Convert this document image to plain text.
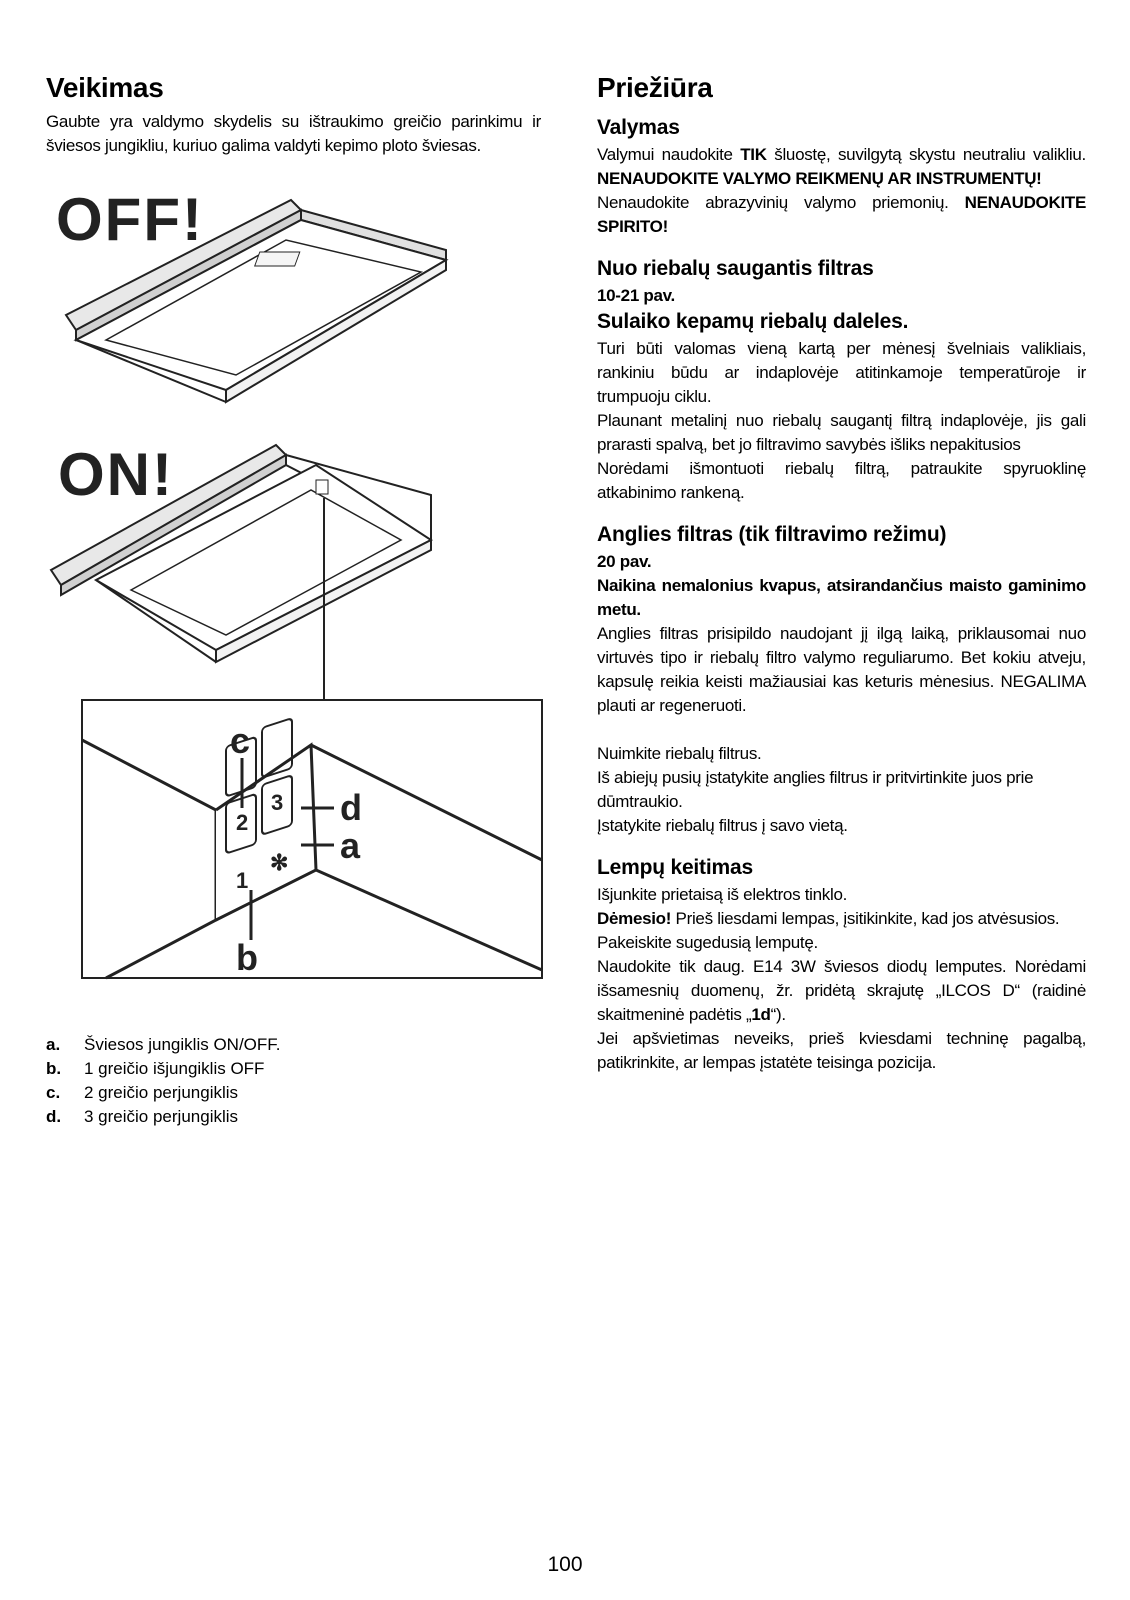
Veikimas

Gaubte yra valdymo skydelis su ištraukimo greičio parinkimu ir šviesos jungikliu, kuriuo galima valdyti kepimo ploto šviesas.

OFF!
ON!
2
3
1
✻
c
d
a
b
a.	Šviesos jungiklis ON/OFF.
b.	1 greičio išjungiklis OFF
c.	2 greičio perjungiklis
d.	3 greičio perjungiklis
Priežiūra
Valymas

Valymui naudokite TIK šluostę, suvilgytą skystu neutraliu valikliu. NENAUDOKITE VALYMO REIKMENŲ AR INSTRUMENTŲ!

Nenaudokite abrazyvinių valymo priemonių. NENAUDOKITE SPIRITO!

Nuo riebalų saugantis filtras

10-21 pav.

Sulaiko kepamų riebalų daleles.

Turi būti valomas vieną kartą per mėnesį švelniais valikliais, rankiniu būdu ar indaplovėje atitinkamoje temperatūroje ir trumpuoju ciklu.

Plaunant metalinį nuo riebalų saugantį filtrą indaplovėje, jis gali prarasti spalvą, bet jo filtravimo savybės išliks nepakitusios

Norėdami išmontuoti riebalų filtrą, patraukite spyruoklinę atkabinimo rankeną.

Anglies filtras (tik filtravimo režimu)

20 pav.

Naikina nemalonius kvapus, atsirandančius maisto gaminimo metu.

Anglies filtras prisipildo naudojant jį ilgą laiką, priklausomai nuo virtuvės tipo ir riebalų filtro valymo reguliarumo. Bet kokiu atveju, kapsulę reikia keisti mažiausiai kas keturis mėnesius. NEGALIMA plauti ar regeneruoti.

Nuimkite riebalų filtrus.

Iš abiejų pusių įstatykite anglies filtrus ir pritvirtinkite juos prie dūmtraukio.

Įstatykite riebalų filtrus į savo vietą.

Lempų keitimas

Išjunkite prietaisą iš elektros tinklo.

Dėmesio! Prieš liesdami lempas, įsitikinkite, kad jos atvėsusios.

Pakeiskite sugedusią lemputę.

Naudokite tik daug. E14 3W šviesos diodų lemputes. Norėdami išsamesnių duomenų, žr. pridėtą skrajutę „ILCOS D“ (raidinė skaitmeninė padėtis „1d“).

Jei apšvietimas neveiks, prieš kviesdami techninę pagalbą, patikrinkite, ar lempas įstatėte teisinga pozicija.

100
